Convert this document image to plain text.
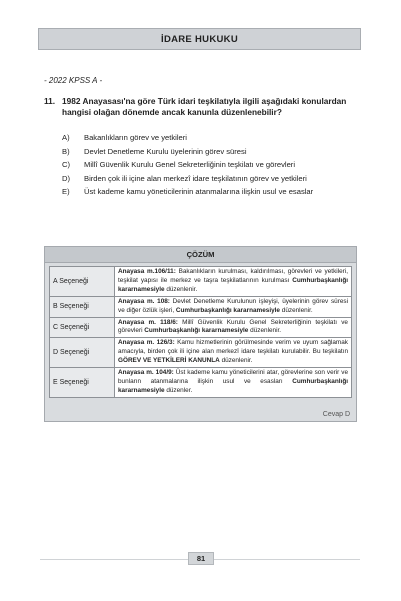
İDARE HUKUKU
- 2022 KPSS A -
11. 1982 Anayasası'na göre Türk idari teşkilatıyla ilgili aşağıdaki konulardan
hangisi olağan dönemde ancak kanunla düzenlenebilir?
A)	Bakanlıkların görev ve yetkileri
B)	Devlet Denetleme Kurulu üyelerinin görev süresi
C)	Millî Güvenlik Kurulu Genel Sekreterliğinin teşkilatı ve görevleri
D)	Birden çok ili içine alan merkezî idare teşkilatının görev ve yetkileri
E)	Üst kademe kamu yöneticilerinin atanmalarına ilişkin usul ve esaslar
ÇÖZÜM
A Seçeneği	Anayasa m.106/11: Bakanlıkların kurulması, kaldırılması, görevleri ve yetkileri, teşkilat yapısı ile merkez ve taşra teşkilatlarının kurulması Cumhurbaşkanlığı kararnamesiyle düzenlenir.
B Seçeneği	Anayasa m. 108: Devlet Denetleme Kurulunun işleyişi, üyelerinin görev süresi ve diğer özlük işleri, Cumhurbaşkanlığı kararnamesiyle düzenlenir.
C Seçeneği	Anayasa m. 118/6: Millî Güvenlik Kurulu Genel Sekreterliğinin teşkilatı ve görevleri Cumhurbaşkanlığı kararnamesiyle düzenlenir.
D Seçeneği	Anayasa m. 126/3: Kamu hizmetlerinin görülmesinde verim ve uyum sağlamak amacıyla, birden çok ili içine alan merkezî idare teşkilatı kurulabilir. Bu teşkilatın GÖREV VE YETKİLERİ KANUNLA düzenlenir.
E Seçeneği	Anayasa m. 104/9: Üst kademe kamu yöneticilerini atar, görevlerine son verir ve bunların atanmalarına ilişkin usul ve esasları Cumhurbaşkanlığı kararnamesiyle düzenler.
Cevap D
81
